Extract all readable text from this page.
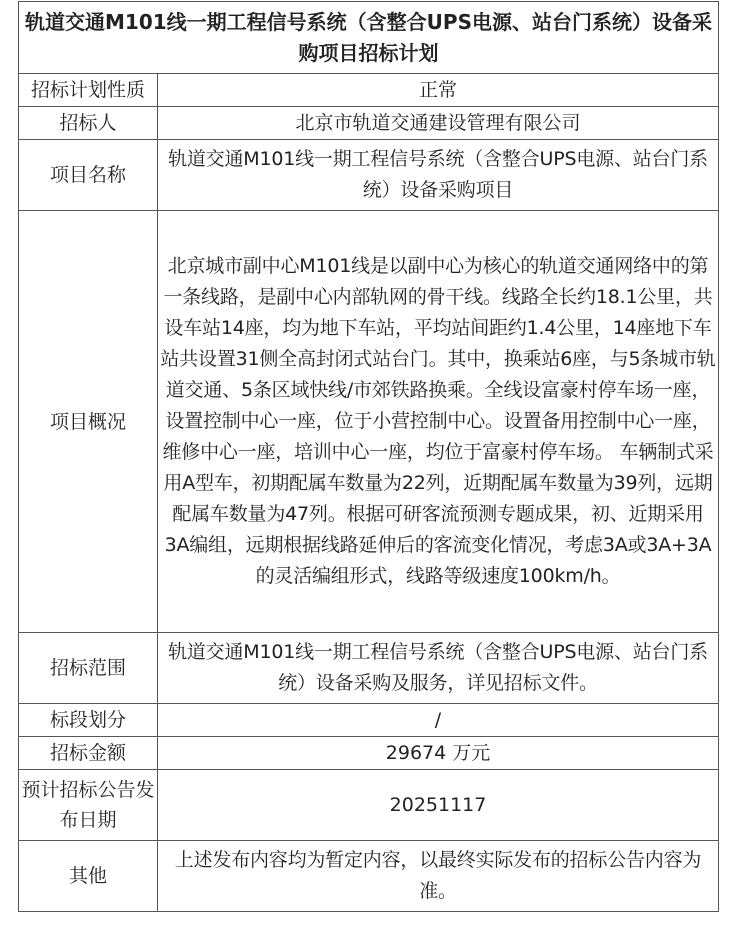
轨道交通M101线一期工程信号系统（含整合UPS电源、站台门系统）设备采购项目招标计划	
招标计划性质	正常
招标人	北京市轨道交通建设管理有限公司
项目名称	轨道交通M101线一期工程信号系统（含整合UPS电源、站台门系统）设备采购项目
项目概况	北京城市副中心M101线是以副中心为核心的轨道交通网络中的第一条线路，是副中心内部轨网的骨干线。线路全长约18.1公里，共设车站14座，均为地下车站，平均站间距约1.4公里，14座地下车站共设置31侧全高封闭式站台门。其中，换乘站6座，与5条城市轨道交通、5条区域快线/市郊铁路换乘。全线设富豪村停车场一座，设置控制中心一座，位于小营控制中心。设置备用控制中心一座，维修中心一座，培训中心一座，均位于富豪村停车场。 车辆制式采用A型车，初期配属车数量为22列，近期配属车数量为39列，远期配属车数量为47列。根据可研客流预测专题成果，初、近期采用3A编组，远期根据线路延伸后的客流变化情况，考虑3A或3A+3A的灵活编组形式，线路等级速度100km/h。
招标范围	轨道交通M101线一期工程信号系统（含整合UPS电源、站台门系统）设备采购及服务，详见招标文件。
标段划分	/
招标金额	29674 万元
预计招标公告发布日期	20251117
其他	上述发布内容均为暂定内容，以最终实际发布的招标公告内容为准。
